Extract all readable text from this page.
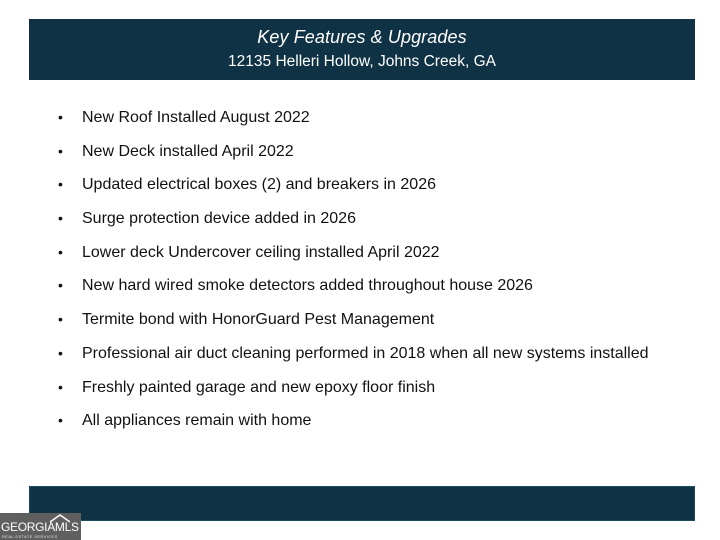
Key Features & Upgrades
12135 Helleri Hollow, Johns Creek, GA
• New Roof Installed August 2022
• New Deck installed April 2022
• Updated electrical boxes (2) and breakers in 2026
• Surge protection device added in 2026
• Lower deck Undercover ceiling installed April 2022
• New hard wired smoke detectors added throughout house 2026
• Termite bond with HonorGuard Pest Management
• Professional air duct cleaning performed in 2018 when all new systems installed
• Freshly painted garage and new epoxy floor finish
• All appliances remain with home
GEORGIAMLS
REAL ESTATE SERVICES
